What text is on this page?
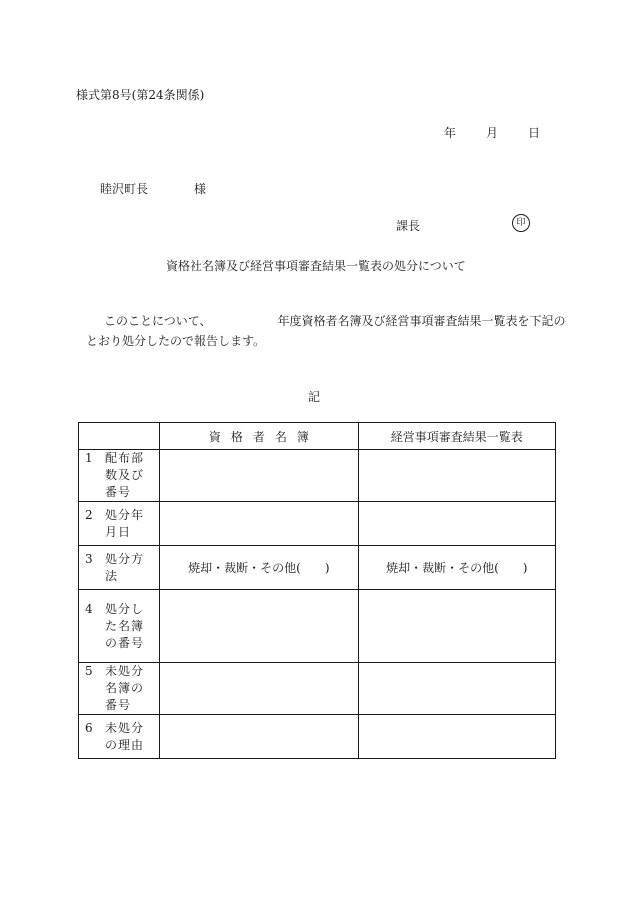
様式第8号(第24条関係)
年	月	日
睦沢町長	様
課長	印
資格社名簿及び経営事項審査結果一覧表の処分について
このことについて、	年度資格者名簿及び経営事項審査結果一覧表を下記の
とおり処分したので報告します。
記
	資格者名簿	経営事項審査結果一覧表

1 配布部数及び番号		

2 処分年月日		

3 処分方法	焼却・裁断・その他(　　)	焼却・裁断・その他(　　)

4 処分した名簿の番号		

5 未処分名簿の番号		

6 未処分の理由		
